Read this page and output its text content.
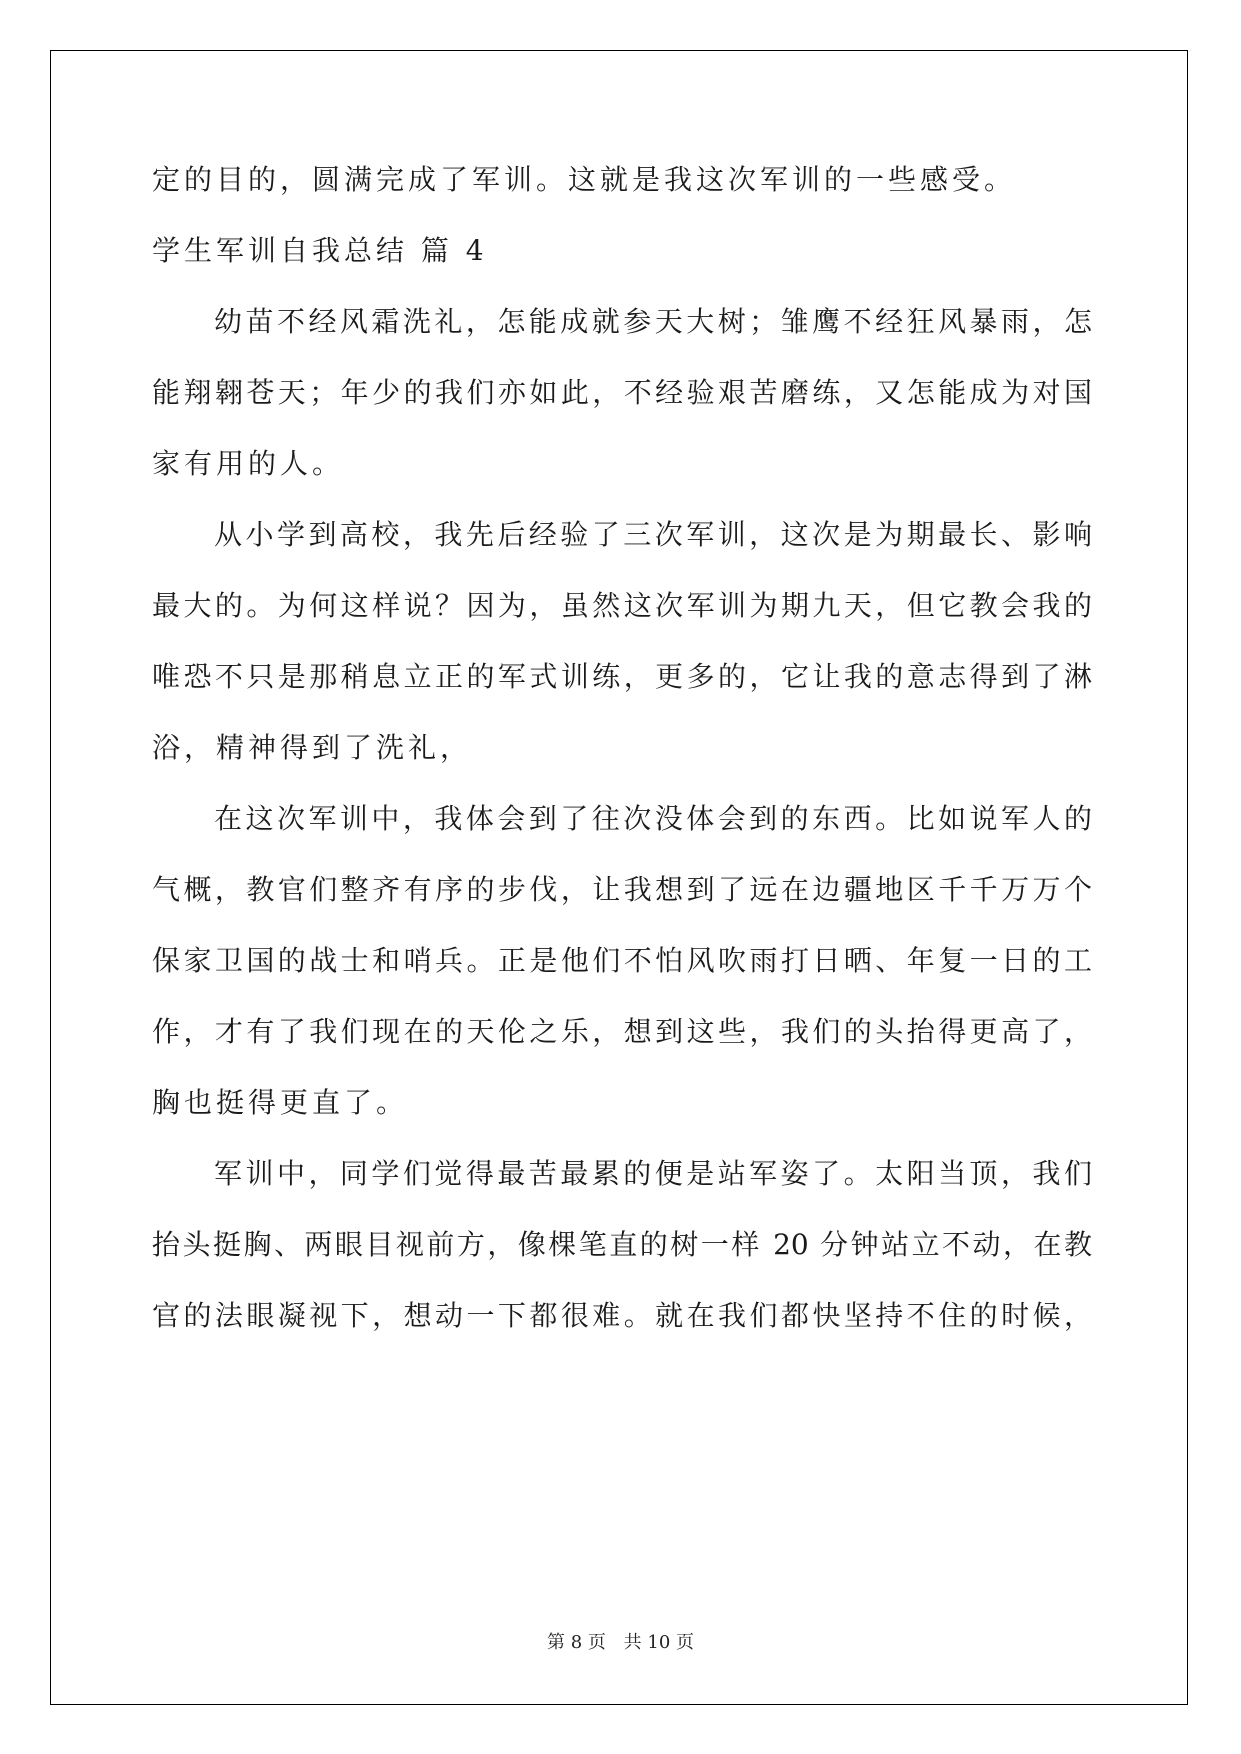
定的目的，圆满完成了军训。这就是我这次军训的一些感受。
学生军训自我总结 篇 4
幼苗不经风霜洗礼，怎能成就参天大树；雏鹰不经狂风暴雨，怎
能翔翱苍天；年少的我们亦如此，不经验艰苦磨练，又怎能成为对国
家有用的人。
从小学到高校，我先后经验了三次军训，这次是为期最长、影响
最大的。为何这样说？因为，虽然这次军训为期九天，但它教会我的
唯恐不只是那稍息立正的军式训练，更多的，它让我的意志得到了淋
浴，精神得到了洗礼，
在这次军训中，我体会到了往次没体会到的东西。比如说军人的
气概，教官们整齐有序的步伐，让我想到了远在边疆地区千千万万个
保家卫国的战士和哨兵。正是他们不怕风吹雨打日晒、年复一日的工
作，才有了我们现在的天伦之乐，想到这些，我们的头抬得更高了，
胸也挺得更直了。
军训中，同学们觉得最苦最累的便是站军姿了。太阳当顶，我们
抬头挺胸、两眼目视前方，像棵笔直的树一样 20 分钟站立不动，在教
官的法眼凝视下，想动一下都很难。就在我们都快坚持不住的时候，
第 8 页 共 10 页
